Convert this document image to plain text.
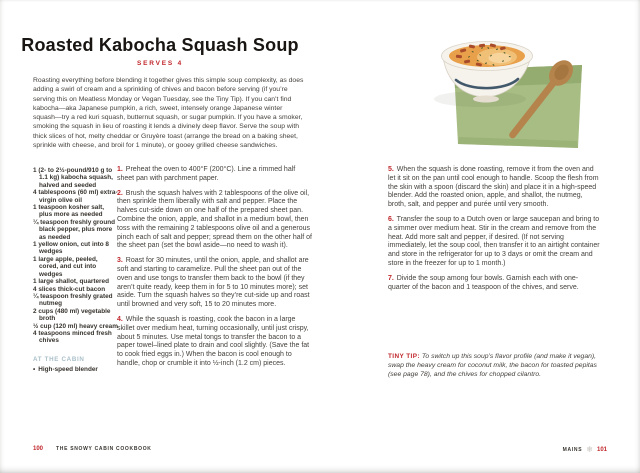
Roasted Kabocha Squash Soup
SERVES 4

Roasting everything before blending it together gives this simple soup complexity, as does adding a swirl of cream and a sprinkling of chives and bacon before serving (if you’re serving this on Meatless Monday or Vegan Tuesday, see the Tiny Tip). If you can’t find kabocha—aka Japanese pumpkin, a rich, sweet, intensely orange Japanese winter squash—try a red kuri squash, butternut squash, or sugar pumpkin. If you have a smoker, smoking the squash in lieu of roasting it lends a divinely deep flavor. Serve the soup with thick slices of hot, melty cheddar or Gruyère toast (arrange the bread on a baking sheet, sprinkle with cheese, and broil for 1 minute), or gooey grilled cheese sandwiches.

1 (2- to 2½-pound/910 g to 1.1 kg) kabocha squash, halved and seeded

4 tablespoons (60 ml) extra-virgin olive oil

1 teaspoon kosher salt, plus more as needed

¼ teaspoon freshly ground black pepper, plus more as needed

1 yellow onion, cut into 8 wedges

1 large apple, peeled, cored, and cut into wedges

1 large shallot, quartered

4 slices thick-cut bacon

¼ teaspoon freshly grated nutmeg

2 cups (480 ml) vegetable broth

½ cup (120 ml) heavy cream

4 teaspoons minced fresh chives

AT THE CABIN

• High-speed blender

1. Preheat the oven to 400°F (200°C). Line a rimmed half sheet pan with parchment paper.

2. Brush the squash halves with 2 tablespoons of the olive oil, then sprinkle them liberally with salt and pepper. Place the halves cut-side down on one half of the prepared sheet pan. Combine the onion, apple, and shallot in a medium bowl, then toss with the remaining 2 tablespoons olive oil and a generous pinch each of salt and pepper; spread them on the other half of the sheet pan (set the bowl aside—no need to wash it).

3. Roast for 30 minutes, until the onion, apple, and shallot are soft and starting to caramelize. Pull the sheet pan out of the oven and use tongs to transfer them back to the bowl (if they aren’t quite ready, keep them in for 5 to 10 minutes more); set aside. Turn the squash halves so they’re cut-side up and roast until browned and very soft, 15 to 20 minutes more.

4. While the squash is roasting, cook the bacon in a large skillet over medium heat, turning occasionally, until just crispy, about 5 minutes. Use metal tongs to transfer the bacon to a paper towel–lined plate to drain and cool slightly. (Save the fat to cook fried eggs in.) When the bacon is cool enough to handle, chop or crumble it into ½-inch (1.2 cm) pieces.

100	THE SNOWY CABIN COOKBOOK

5. When the squash is done roasting, remove it from the oven and let it sit on the pan until cool enough to handle. Scoop the flesh from the skin with a spoon (discard the skin) and place it in a high-speed blender. Add the roasted onion, apple, and shallot, the nutmeg, broth, salt, and pepper and purée until very smooth.

6. Transfer the soup to a Dutch oven or large saucepan and bring to a simmer over medium heat. Stir in the cream and remove from the heat. Add more salt and pepper, if desired. (If not serving immediately, let the soup cool, then transfer it to an airtight container and store in the refrigerator for up to 3 days or omit the cream and store in the freezer for up to 1 month.)

7. Divide the soup among four bowls. Garnish each with one-quarter of the bacon and 1 teaspoon of the chives, and serve.

TINY TIP: To switch up this soup’s flavor profile (and make it vegan), swap the heavy cream for coconut milk, the bacon for toasted pepitas (see page 78), and the chives for chopped cilantro.

MAINS ❄ 101
